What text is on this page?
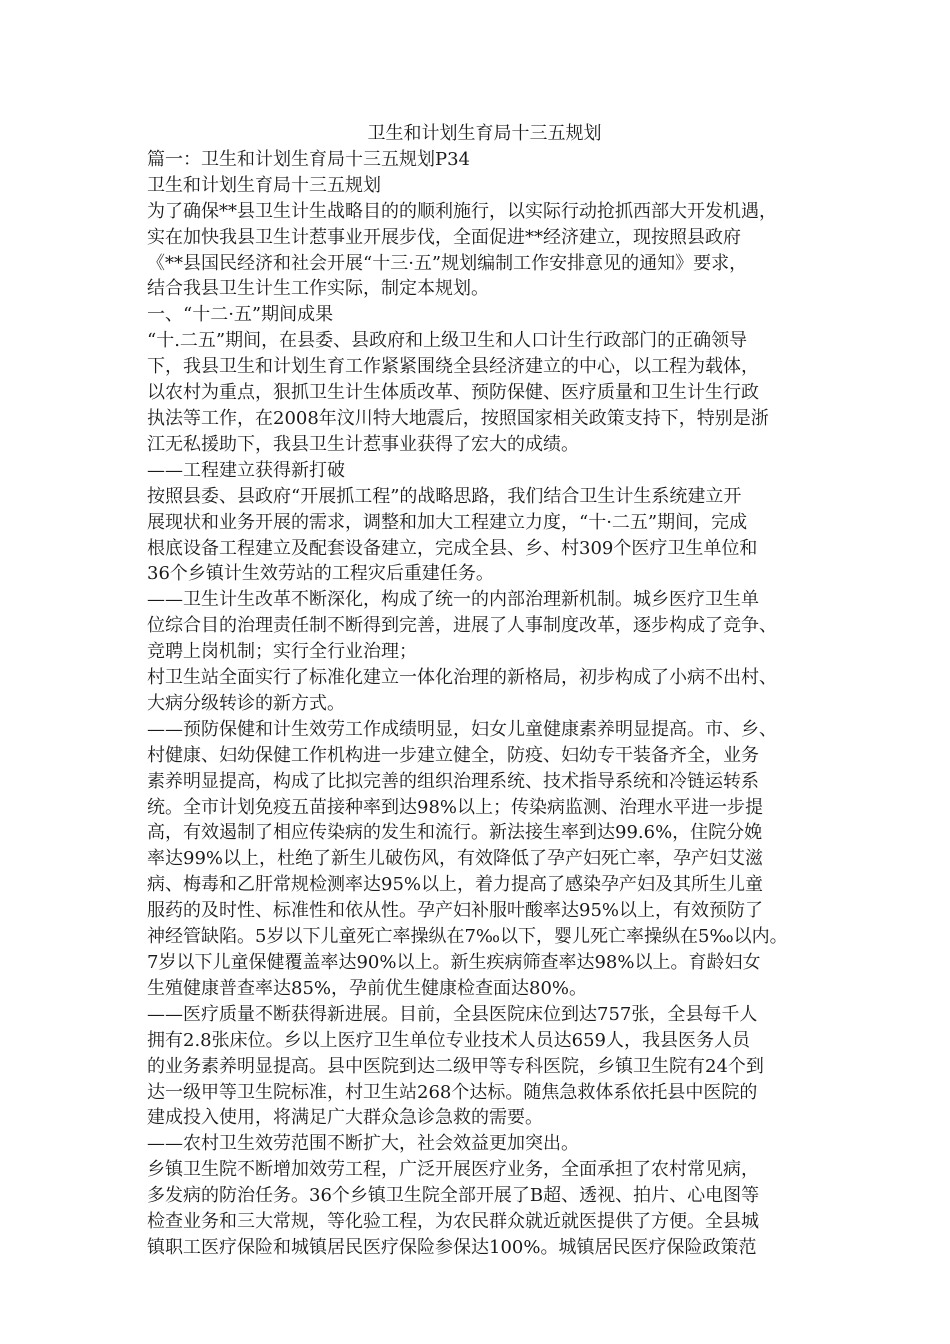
卫生和计划生育局十三五规划

篇一：卫生和计划生育局十三五规划P34

卫生和计划生育局十三五规划

为了确保**县卫生计生战略目的的顺利施行，以实际行动抢抓西部大开发机遇，

实在加快我县卫生计惹事业开展步伐，全面促进**经济建立，现按照县政府

《**县国民经济和社会开展“十三·五”规划编制工作安排意见的通知》要求，

结合我县卫生计生工作实际，制定本规划。

一、“十二·五”期间成果

“十.二五”期间，在县委、县政府和上级卫生和人口计生行政部门的正确领导

下，我县卫生和计划生育工作紧紧围绕全县经济建立的中心，以工程为载体，

以农村为重点，狠抓卫生计生体质改革、预防保健、医疗质量和卫生计生行政

执法等工作，在2008年汶川特大地震后，按照国家相关政策支持下，特别是浙

江无私援助下，我县卫生计惹事业获得了宏大的成绩。

——工程建立获得新打破

按照县委、县政府“开展抓工程”的战略思路，我们结合卫生计生系统建立开

展现状和业务开展的需求，调整和加大工程建立力度，“十·二五”期间，完成

根底设备工程建立及配套设备建立，完成全县、乡、村309个医疗卫生单位和

36个乡镇计生效劳站的工程灾后重建任务。

——卫生计生改革不断深化，构成了统一的内部治理新机制。城乡医疗卫生单

位综合目的治理责任制不断得到完善，进展了人事制度改革，逐步构成了竞争、

竞聘上岗机制；实行全行业治理；

村卫生站全面实行了标准化建立一体化治理的新格局，初步构成了小病不出村、

大病分级转诊的新方式。

——预防保健和计生效劳工作成绩明显，妇女儿童健康素养明显提高。市、乡、

村健康、妇幼保健工作机构进一步建立健全，防疫、妇幼专干装备齐全，业务

素养明显提高，构成了比拟完善的组织治理系统、技术指导系统和冷链运转系

统。全市计划免疫五苗接种率到达98%以上；传染病监测、治理水平进一步提

高，有效遏制了相应传染病的发生和流行。新法接生率到达99.6%，住院分娩

率达99%以上，杜绝了新生儿破伤风，有效降低了孕产妇死亡率，孕产妇艾滋

病、梅毒和乙肝常规检测率达95%以上，着力提高了感染孕产妇及其所生儿童

服药的及时性、标准性和依从性。孕产妇补服叶酸率达95%以上，有效预防了

神经管缺陷。5岁以下儿童死亡率操纵在7‰以下，婴儿死亡率操纵在5‰以内。

7岁以下儿童保健覆盖率达90%以上。新生疾病筛查率达98%以上。育龄妇女

生殖健康普查率达85%，孕前优生健康检查面达80%。

——医疗质量不断获得新进展。目前，全县医院床位到达757张，全县每千人

拥有2.8张床位。乡以上医疗卫生单位专业技术人员达659人，我县医务人员

的业务素养明显提高。县中医院到达二级甲等专科医院，乡镇卫生院有24个到

达一级甲等卫生院标准，村卫生站268个达标。随焦急救体系依托县中医院的

建成投入使用，将满足广大群众急诊急救的需要。

——农村卫生效劳范围不断扩大，社会效益更加突出。

乡镇卫生院不断增加效劳工程，广泛开展医疗业务，全面承担了农村常见病，

多发病的防治任务。36个乡镇卫生院全部开展了B超、透视、拍片、心电图等

检查业务和三大常规，等化验工程，为农民群众就近就医提供了方便。全县城

镇职工医疗保险和城镇居民医疗保险参保达100%。城镇居民医疗保险政策范
